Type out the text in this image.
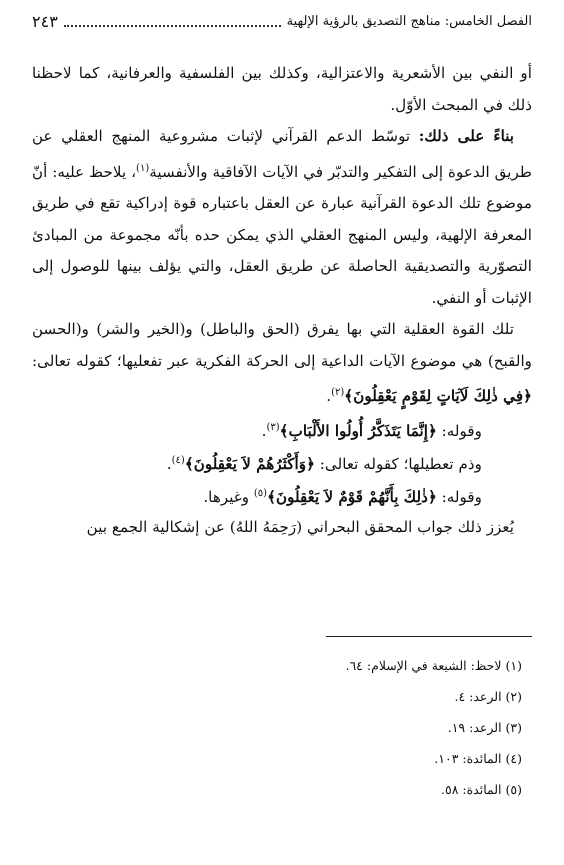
الفصل الخامس: مناهج التصديق بالرؤية الإلهية
٢٤٣

أو النفي بين الأشعرية والاعتزالية، وكذلك بين الفلسفية والعرفانية، كما لاحظنا ذلك في المبحث الأوّل.

بناءً على ذلك: توسّط الدعم القرآني لإثبات مشروعية المنهج العقلي عن طريق الدعوة إلى التفكير والتدبّر في الآيات الآفاقية والأنفسية$^{(١)}$، يلاحظ عليه: أنّ موضوع تلك الدعوة القرآنية عبارة عن العقل باعتباره قوة إدراكية تقع في طريق المعرفة الإلهية، وليس المنهج العقلي الذي يمكن حده بأنّه مجموعة من المبادئ التصوّرية والتصديقية الحاصلة عن طريق العقل، والتي يؤلف بينها للوصول إلى الإثبات أو النفي.

تلك القوة العقلية التي بها يفرق (الحق والباطل) و(الخير والشر) و(الحسن والقبح) هي موضوع الآيات الداعية إلى الحركة الفكرية عبر تفعليها؛ كقوله تعالى: ﴿فِي ذٰلِكَ لَآيَاتٍ لِقَوْمٍ يَعْقِلُونَ﴾$^{(٢)}$.

وقوله: ﴿إِنَّمَا يَتَذَكَّرُ أُولُوا الأَلْبَابِ﴾$^{(٣)}$.

وذم تعطيلها؛ كقوله تعالى: ﴿وَأَكْثَرُهُمْ لاَ يَعْقِلُونَ﴾$^{(٤)}$.

وقوله: ﴿ذٰلِكَ بِأَنَّهُمْ قَوْمٌ لاَ يَعْقِلُونَ﴾$^{(٥)}$ وغيرها.

يُعزز ذلك جواب المحقق البحراني (رَحِمَهُ اللهُ) عن إشكالية الجمع بين

(١) لاحظ: الشيعة في الإسلام: ٦٤.

(٢) الرعد: ٤.

(٣) الرعد: ١٩.

(٤) المائدة: ١٠٣.

(٥) المائدة: ٥٨.
